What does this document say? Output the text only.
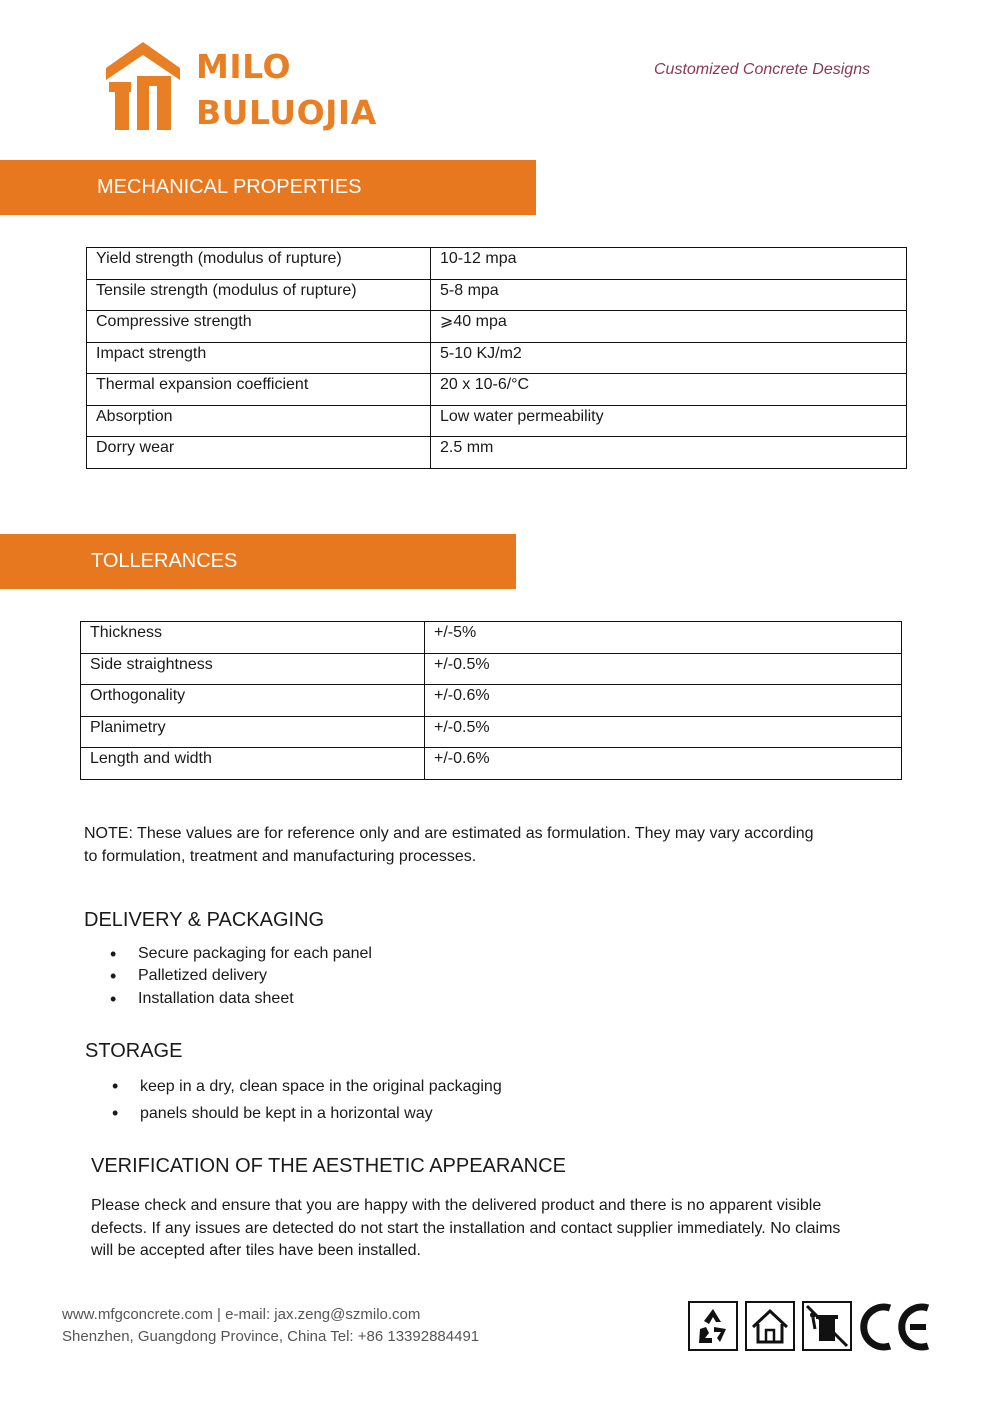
MILO
BULUOJIA
Customized Concrete Designs
MECHANICAL PROPERTIES
Yield strength (modulus of rupture)	10-12 mpa
Tensile strength (modulus of rupture)	5-8 mpa
Compressive strength	⩾40 mpa
Impact strength	5-10 KJ/m2
Thermal expansion coefficient	20 x 10-6/°C
Absorption	Low water permeability
Dorry wear	2.5 mm
TOLLERANCES
Thickness	+/-5%
Side straightness	+/-0.5%
Orthogonality	+/-0.6%
Planimetry	+/-0.5%
Length and width	+/-0.6%
NOTE: These values are for reference only and are estimated as formulation. They may vary according
to formulation, treatment and manufacturing processes.
DELIVERY & PACKAGING
• Secure packaging for each panel
• Palletized delivery
• Installation data sheet
STORAGE
• keep in a dry, clean space in the original packaging
• panels should be kept in a horizontal way
VERIFICATION OF THE AESTHETIC APPEARANCE
Please check and ensure that you are happy with the delivered product and there is no apparent visible
defects. If any issues are detected do not start the installation and contact supplier immediately. No claims
will be accepted after tiles have been installed.
www.mfgconcrete.com | e-mail: jax.zeng@szmilo.com
Shenzhen, Guangdong Province, China Tel: +86 13392884491
